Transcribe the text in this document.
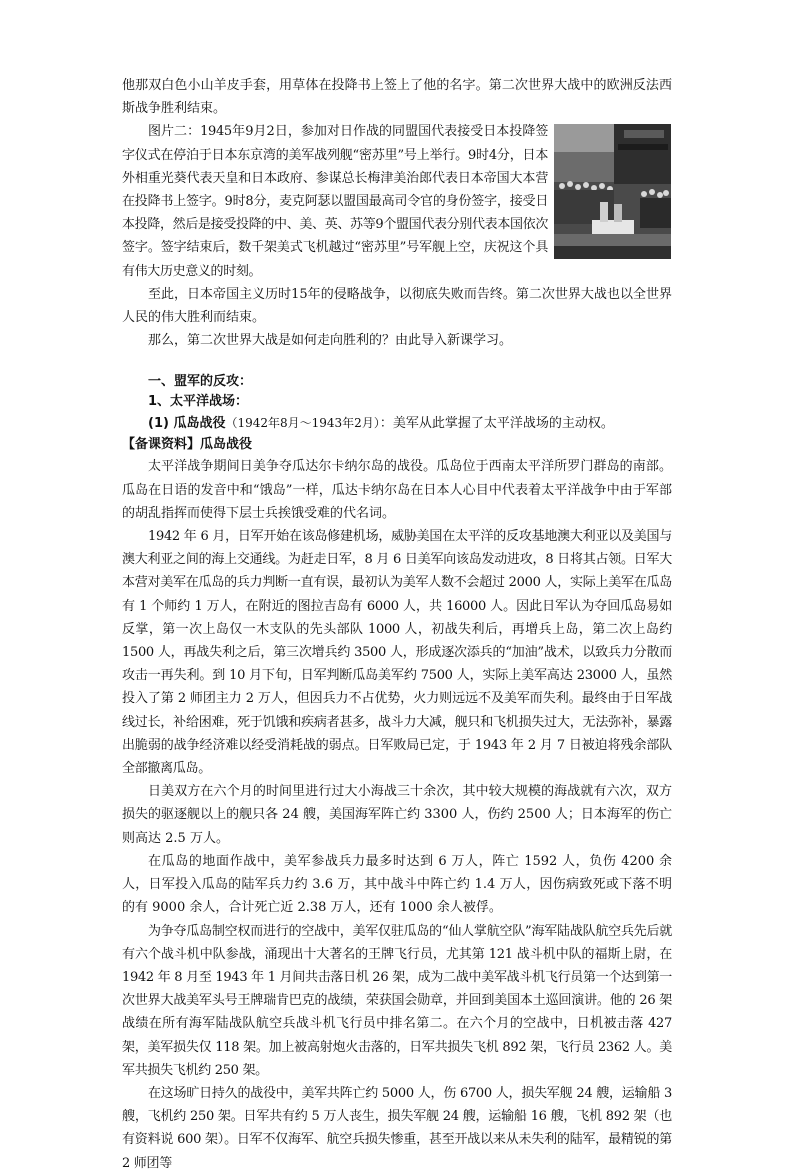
他那双白色小山羊皮手套，用草体在投降书上签上了他的名字。第二次世界大战中的欧洲反法西斯战争胜利结束。

图片二：1945年9月2日，参加对日作战的同盟国代表接受日本投降签字仪式在停泊于日本东京湾的美军战列舰“密苏里”号上举行。9时4分，日本外相重光葵代表天皇和日本政府、参谋总长梅津美治郎代表日本帝国大本营在投降书上签字。9时8分，麦克阿瑟以盟国最高司令官的身份签字，接受日本投降，然后是接受投降的中、美、英、苏等9个盟国代表分别代表本国依次签字。签字结束后，数千架美式飞机越过“密苏里”号军舰上空，庆祝这个具有伟大历史意义的时刻。

至此，日本帝国主义历时15年的侵略战争，以彻底失败而告终。第二次世界大战也以全世界人民的伟大胜利而结束。

那么，第二次世界大战是如何走向胜利的？由此导入新课学习。

一、盟军的反攻：

1、太平洋战场：

(1) 瓜岛战役（1942年8月～1943年2月）：美军从此掌握了太平洋战场的主动权。

【备课资料】瓜岛战役

太平洋战争期间日美争夺瓜达尔卡纳尔岛的战役。瓜岛位于西南太平洋所罗门群岛的南部。瓜岛在日语的发音中和“饿岛”一样，瓜达卡纳尔岛在日本人心目中代表着太平洋战争中由于军部的胡乱指挥而使得下层士兵挨饿受难的代名词。

1942 年 6 月，日军开始在该岛修建机场，威胁美国在太平洋的反攻基地澳大利亚以及美国与澳大利亚之间的海上交通线。为赶走日军，8 月 6 日美军向该岛发动进攻，8 日将其占领。日军大本营对美军在瓜岛的兵力判断一直有误，最初认为美军人数不会超过 2000 人，实际上美军在瓜岛有 1 个师约 1 万人，在附近的图拉吉岛有 6000 人，共 16000 人。因此日军认为夺回瓜岛易如反掌，第一次上岛仅一木支队的先头部队 1000 人，初战失利后，再增兵上岛，第二次上岛约 1500 人，再战失利之后，第三次增兵约 3500 人，形成逐次添兵的“加油”战术，以致兵力分散而攻击一再失利。到 10 月下旬，日军判断瓜岛美军约 7500 人，实际上美军高达 23000 人，虽然投入了第 2 师团主力 2 万人，但因兵力不占优势，火力则远远不及美军而失利。最终由于日军战线过长，补给困难，死于饥饿和疾病者甚多，战斗力大减，舰只和飞机损失过大，无法弥补，暴露出脆弱的战争经济难以经受消耗战的弱点。日军败局已定，于 1943 年 2 月 7 日被迫将残余部队全部撤离瓜岛。

日美双方在六个月的时间里进行过大小海战三十余次，其中较大规模的海战就有六次，双方损失的驱逐舰以上的舰只各 24 艘，美国海军阵亡约 3300 人，伤约 2500 人；日本海军的伤亡则高达 2.5 万人。

在瓜岛的地面作战中，美军参战兵力最多时达到 6 万人，阵亡 1592 人，负伤 4200 余人，日军投入瓜岛的陆军兵力约 3.6 万，其中战斗中阵亡约 1.4 万人，因伤病致死或下落不明的有 9000 余人，合计死亡近 2.38 万人，还有 1000 余人被俘。

为争夺瓜岛制空权而进行的空战中，美军仅驻瓜岛的“仙人掌航空队”海军陆战队航空兵先后就有六个战斗机中队参战，涌现出十大著名的王牌飞行员，尤其第 121 战斗机中队的福斯上尉，在 1942 年 8 月至 1943 年 1 月间共击落日机 26 架，成为二战中美军战斗机飞行员第一个达到第一次世界大战美军头号王牌瑞肯巴克的战绩，荣获国会勋章，并回到美国本土巡回演讲。他的 26 架战绩在所有海军陆战队航空兵战斗机飞行员中排名第二。在六个月的空战中，日机被击落 427 架，美军损失仅 118 架。加上被高射炮火击落的，日军共损失飞机 892 架，飞行员 2362 人。美军共损失飞机约 250 架。

在这场旷日持久的战役中，美军共阵亡约 5000 人，伤 6700 人，损失军舰 24 艘，运输船 3 艘，飞机约 250 架。日军共有约 5 万人丧生，损失军舰 24 艘，运输船 16 艘，飞机 892 架（也有资料说 600 架）。日军不仅海军、航空兵损失惨重，甚至开战以来从未失利的陆军，最精锐的第 2 师团等
